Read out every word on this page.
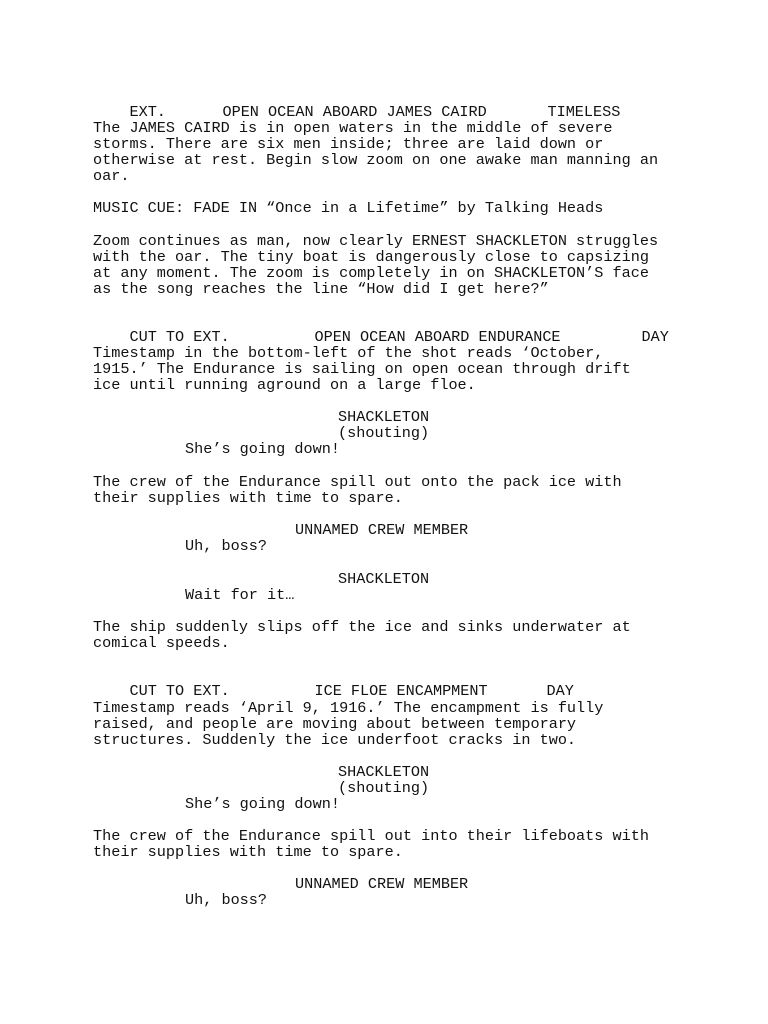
EXT.	OPEN OCEAN ABOARD JAMES CAIRD	TIMELESS

The JAMES CAIRD is in open waters in the middle of severe

storms. There are six men inside; three are laid down or

otherwise at rest. Begin slow zoom on one awake man manning an

oar.

MUSIC CUE: FADE IN “Once in a Lifetime” by Talking Heads

Zoom continues as man, now clearly ERNEST SHACKLETON struggles

with the oar. The tiny boat is dangerously close to capsizing

at any moment. The zoom is completely in on SHACKLETON’S face

as the song reaches the line “How did I get here?”

CUT TO EXT.	OPEN OCEAN ABOARD ENDURANCE	DAY

Timestamp in the bottom-left of the shot reads ‘October,

1915.’ The Endurance is sailing on open ocean through drift

ice until running aground on a large floe.

SHACKLETON

(shouting)

She’s going down!

The crew of the Endurance spill out onto the pack ice with

their supplies with time to spare.

UNNAMED CREW MEMBER

Uh, boss?

SHACKLETON

Wait for it…

The ship suddenly slips off the ice and sinks underwater at

comical speeds.

CUT TO EXT.	ICE FLOE ENCAMPMENT	DAY

Timestamp reads ‘April 9, 1916.’ The encampment is fully

raised, and people are moving about between temporary

structures. Suddenly the ice underfoot cracks in two.

SHACKLETON

(shouting)

She’s going down!

The crew of the Endurance spill out into their lifeboats with

their supplies with time to spare.

UNNAMED CREW MEMBER

Uh, boss?
